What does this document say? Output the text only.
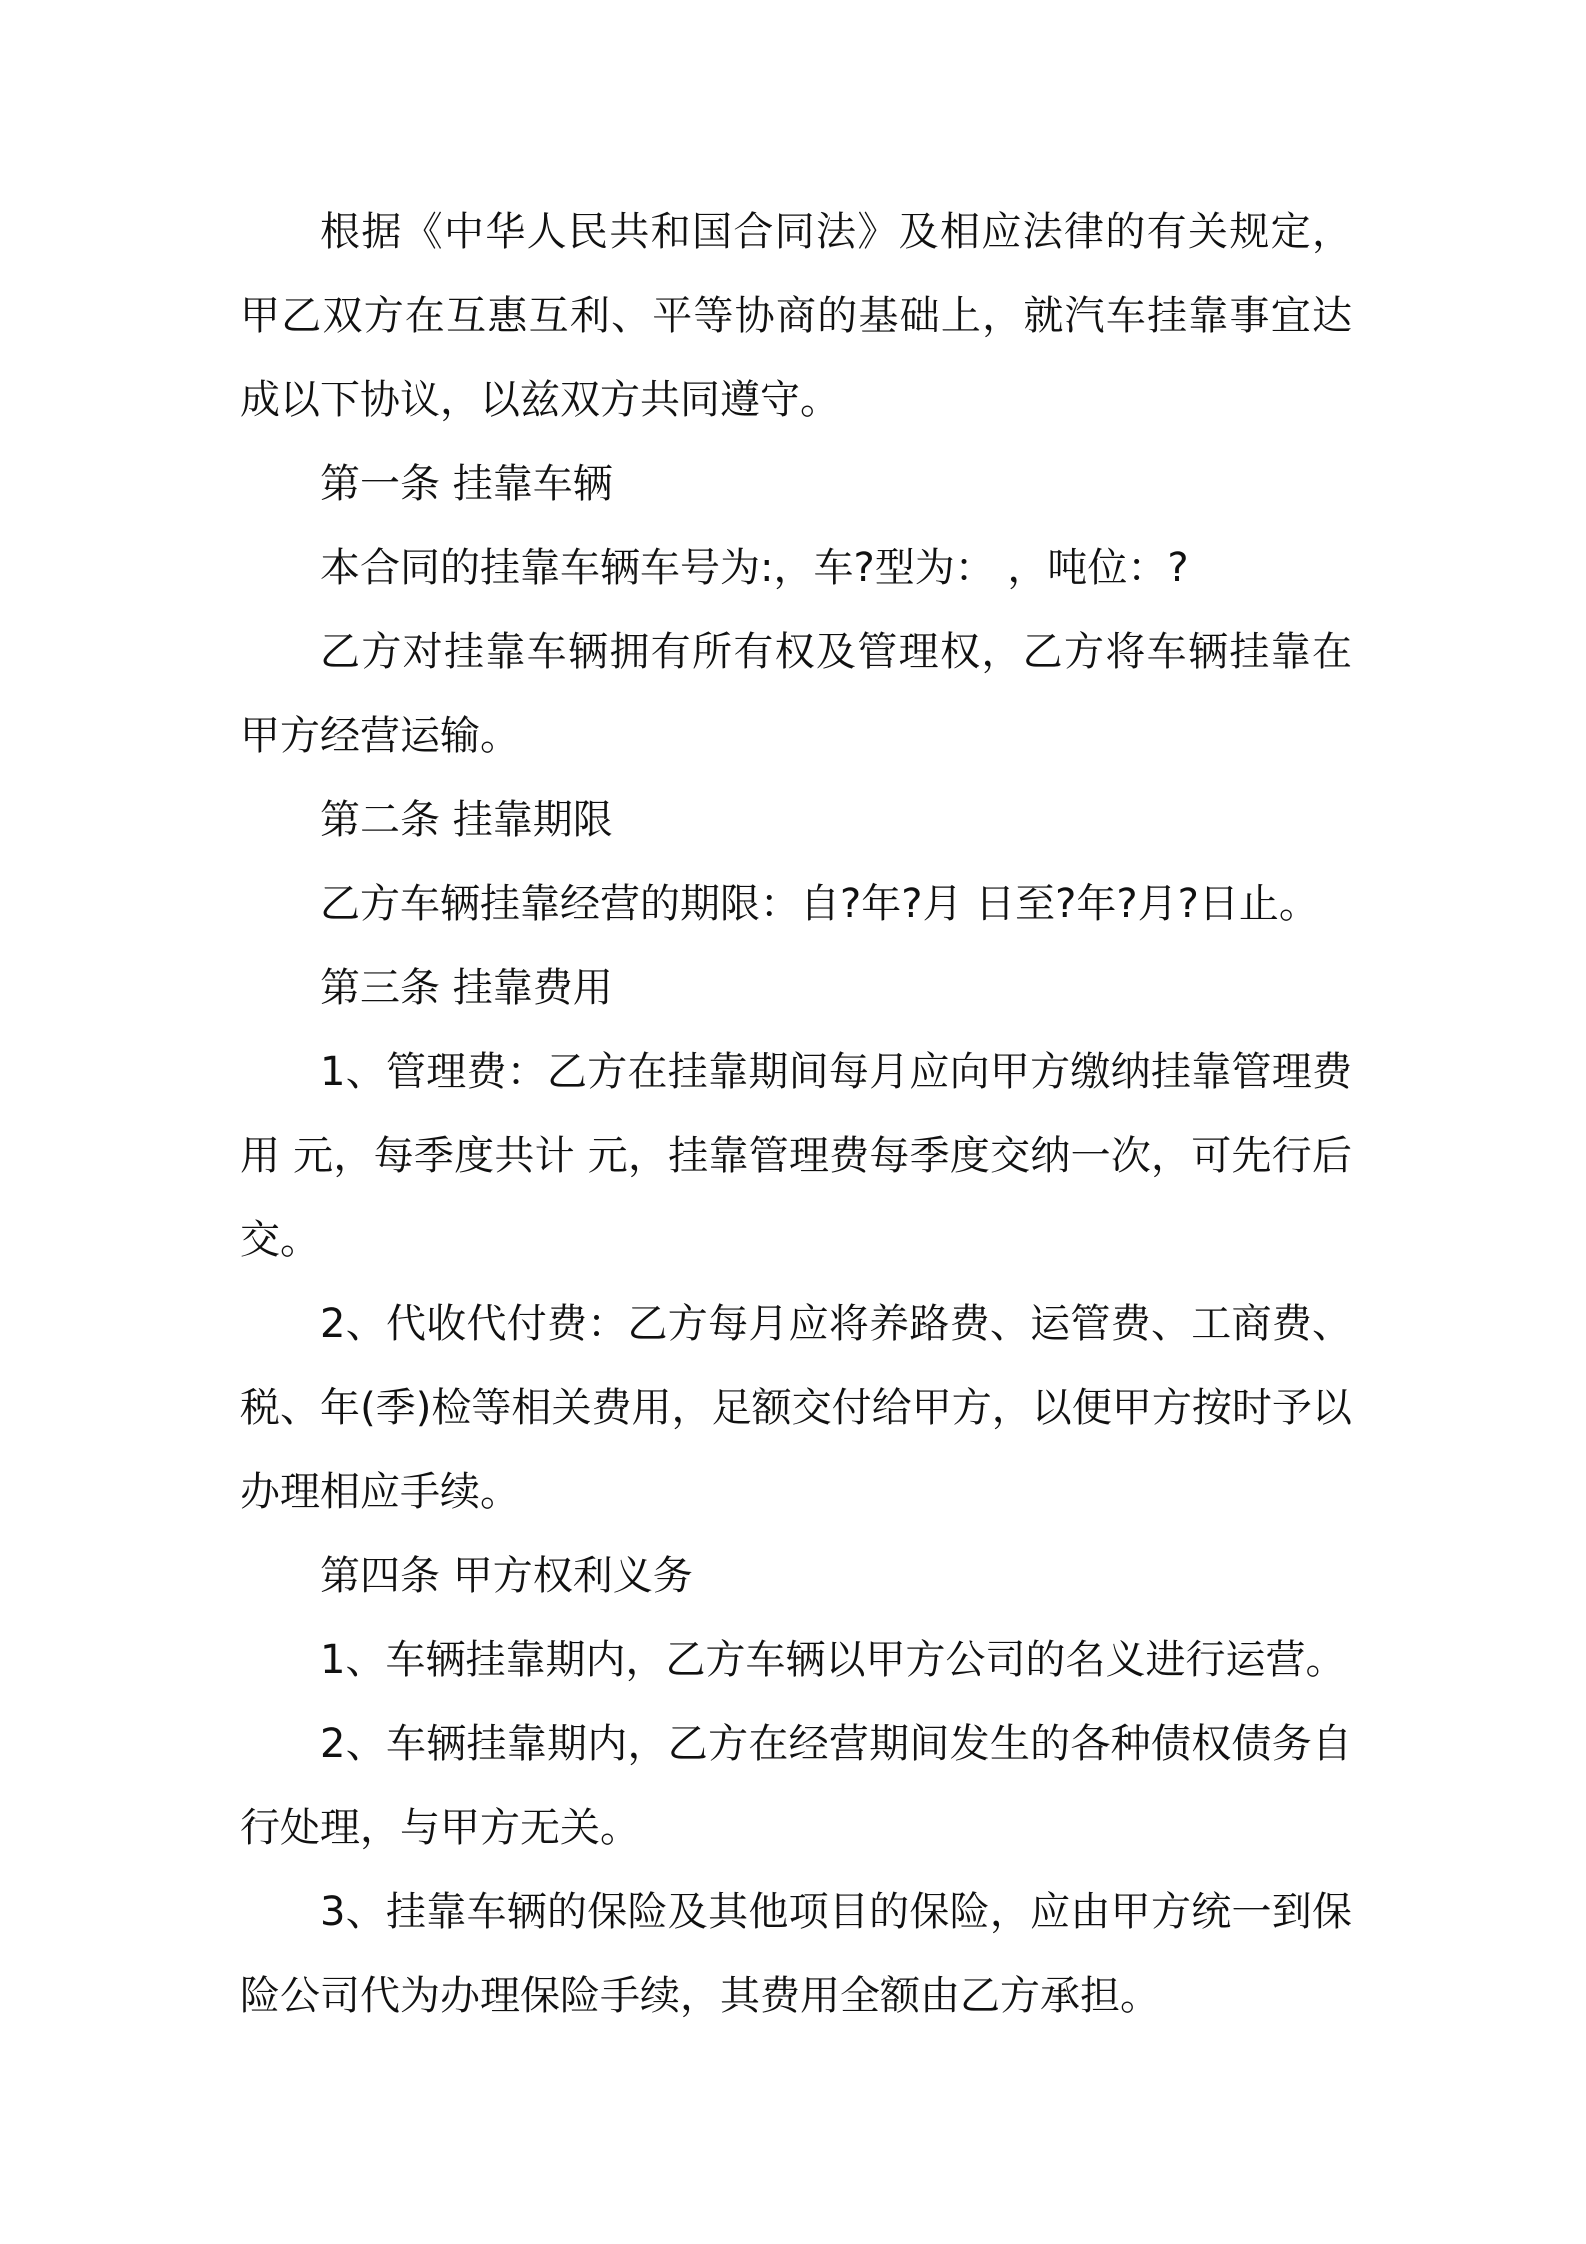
根据《中华人民共和国合同法》及相应法律的有关规定，甲乙双方在互惠互利、平等协商的基础上，就汽车挂靠事宜达成以下协议，以兹双方共同遵守。

第一条 挂靠车辆

本合同的挂靠车辆车号为:，车?型为： ，吨位：?

乙方对挂靠车辆拥有所有权及管理权，乙方将车辆挂靠在甲方经营运输。

第二条 挂靠期限

乙方车辆挂靠经营的期限：自?年?月 日至?年?月?日止。

第三条 挂靠费用

1、管理费：乙方在挂靠期间每月应向甲方缴纳挂靠管理费用 元，每季度共计 元，挂靠管理费每季度交纳一次，可先行后交。

2、代收代付费：乙方每月应将养路费、运管费、工商费、税、年(季)检等相关费用，足额交付给甲方，以便甲方按时予以办理相应手续。

第四条 甲方权利义务

1、车辆挂靠期内，乙方车辆以甲方公司的名义进行运营。

2、车辆挂靠期内，乙方在经营期间发生的各种债权债务自行处理，与甲方无关。

3、挂靠车辆的保险及其他项目的保险，应由甲方统一到保险公司代为办理保险手续，其费用全额由乙方承担。
